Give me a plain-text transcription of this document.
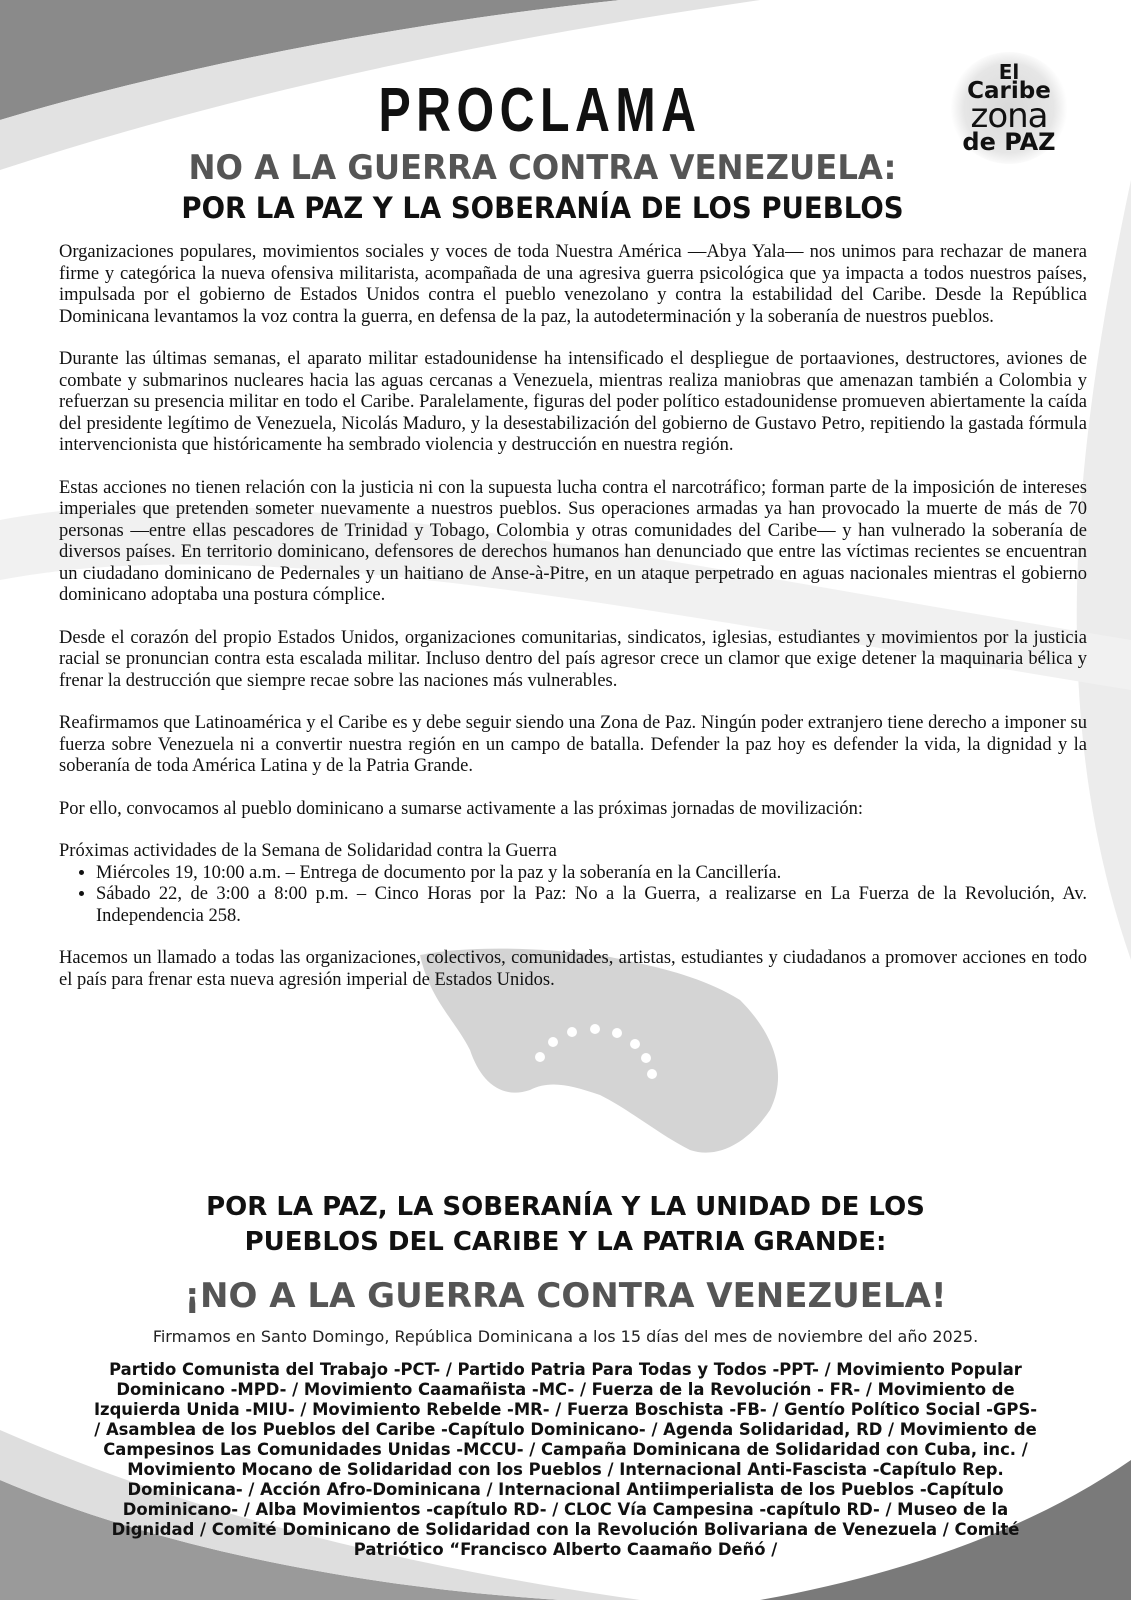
El
Caribe
zona
de PAZ
PROCLAMA
NO A LA GUERRA CONTRA VENEZUELA:
POR LA PAZ Y LA SOBERANÍA DE LOS PUEBLOS

Organizaciones populares, movimientos sociales y voces de toda Nuestra América —Abya Yala— nos unimos para rechazar de manera firme y categórica la nueva ofensiva militarista, acompañada de una agresiva guerra psicológica que ya impacta a todos nuestros países, impulsada por el gobierno de Estados Unidos contra el pueblo venezolano y contra la estabilidad del Caribe. Desde la República Dominicana levantamos la voz contra la guerra, en defensa de la paz, la autodeterminación y la soberanía de nuestros pueblos.

Durante las últimas semanas, el aparato militar estadounidense ha intensificado el despliegue de portaaviones, destructores, aviones de combate y submarinos nucleares hacia las aguas cercanas a Venezuela, mientras realiza maniobras que amenazan también a Colombia y refuerzan su presencia militar en todo el Caribe. Paralelamente, figuras del poder político estadounidense promueven abiertamente la caída del presidente legítimo de Venezuela, Nicolás Maduro, y la desestabilización del gobierno de Gustavo Petro, repitiendo la gastada fórmula intervencionista que históricamente ha sembrado violencia y destrucción en nuestra región.

Estas acciones no tienen relación con la justicia ni con la supuesta lucha contra el narcotráfico; forman parte de la imposición de intereses imperiales que pretenden someter nuevamente a nuestros pueblos. Sus operaciones armadas ya han provocado la muerte de más de 70 personas —entre ellas pescadores de Trinidad y Tobago, Colombia y otras comunidades del Caribe— y han vulnerado la soberanía de diversos países. En territorio dominicano, defensores de derechos humanos han denunciado que entre las víctimas recientes se encuentran un ciudadano dominicano de Pedernales y un haitiano de Anse-à-Pitre, en un ataque perpetrado en aguas nacionales mientras el gobierno dominicano adoptaba una postura cómplice.

Desde el corazón del propio Estados Unidos, organizaciones comunitarias, sindicatos, iglesias, estudiantes y movimientos por la justicia racial se pronuncian contra esta escalada militar. Incluso dentro del país agresor crece un clamor que exige detener la maquinaria bélica y frenar la destrucción que siempre recae sobre las naciones más vulnerables.

Reafirmamos que Latinoamérica y el Caribe es y debe seguir siendo una Zona de Paz. Ningún poder extranjero tiene derecho a imponer su fuerza sobre Venezuela ni a convertir nuestra región en un campo de batalla. Defender la paz hoy es defender la vida, la dignidad y la soberanía de toda América Latina y de la Patria Grande.

Por ello, convocamos al pueblo dominicano a sumarse activamente a las próximas jornadas de movilización:

Próximas actividades de la Semana de Solidaridad contra la Guerra

• Miércoles 19, 10:00 a.m. – Entrega de documento por la paz y la soberanía en la Cancillería.
• Sábado 22, de 3:00 a 8:00 p.m. – Cinco Horas por la Paz: No a la Guerra, a realizarse en La Fuerza de la Revolución, Av. Independencia 258.

Hacemos un llamado a todas las organizaciones, colectivos, comunidades, artistas, estudiantes y ciudadanos a promover acciones en todo el país para frenar esta nueva agresión imperial de Estados Unidos.

POR LA PAZ, LA SOBERANÍA Y LA UNIDAD DE LOS
PUEBLOS DEL CARIBE Y LA PATRIA GRANDE:
¡NO A LA GUERRA CONTRA VENEZUELA!
Firmamos en Santo Domingo, República Dominicana a los 15 días del mes de noviembre del año 2025.
Partido Comunista del Trabajo -PCT- / Partido Patria Para Todas y Todos -PPT- / Movimiento Popular Dominicano -MPD- / Movimiento Caamañista -MC- / Fuerza de la Revolución - FR- / Movimiento de Izquierda Unida -MIU- / Movimiento Rebelde -MR- / Fuerza Boschista -FB- / Gentío Político Social -GPS- / Asamblea de los Pueblos del Caribe -Capítulo Dominicano- / Agenda Solidaridad, RD / Movimiento de Campesinos Las Comunidades Unidas -MCCU- / Campaña Dominicana de Solidaridad con Cuba, inc. / Movimiento Mocano de Solidaridad con los Pueblos / Internacional Anti-Fascista -Capítulo Rep. Dominicana- / Acción Afro-Dominicana / Internacional Antiimperialista de los Pueblos -Capítulo Dominicano- / Alba Movimientos -capítulo RD- / CLOC Vía Campesina -capítulo RD- / Museo de la Dignidad / Comité Dominicano de Solidaridad con la Revolución Bolivariana de Venezuela / Comité Patriótico “Francisco Alberto Caamaño Deñó /
